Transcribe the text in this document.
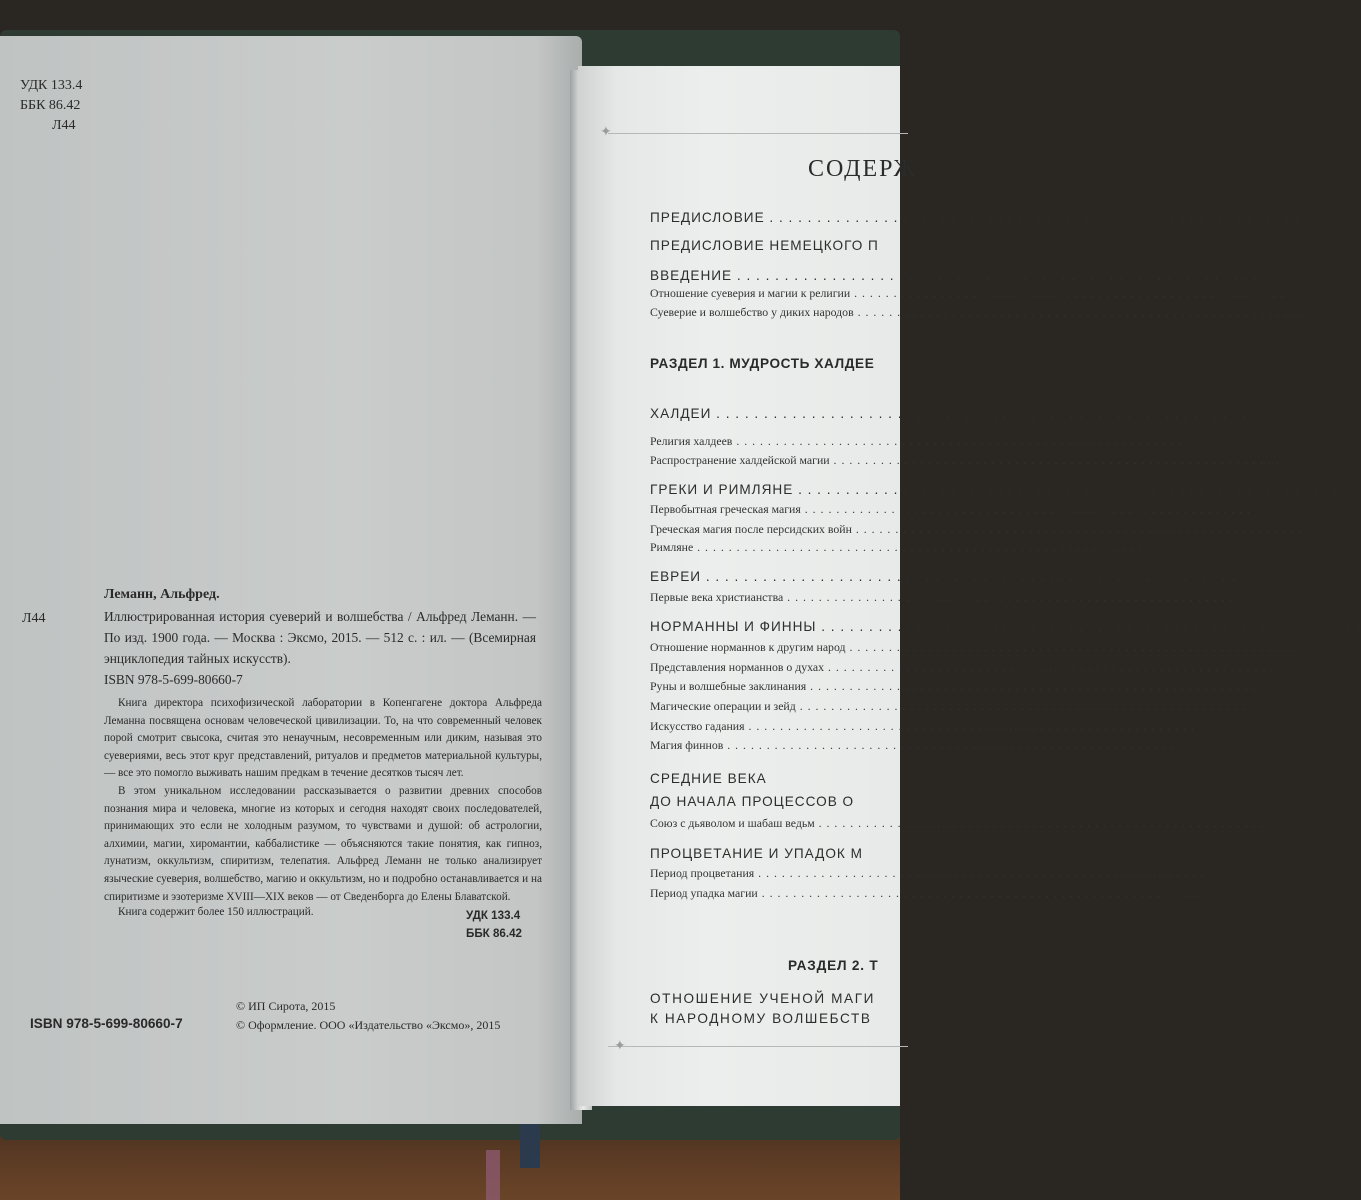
УДК 133.4
ББК 86.42
Л44
Леманн, Альфред.
Л44	Иллюстрированная история суеверий и волшебства / Альфред Леманн. — По изд. 1900 года. — Москва : Эксмо, 2015. — 512 с. : ил. — (Всемирная энциклопедия тайных искусств).
ISBN 978-5-699-80660-7

Книга директора психофизической лаборатории в Копенгагене доктора Альфреда Леманна посвящена основам человеческой цивилизации. То, на что современный человек порой смотрит свысока, считая это ненаучным, несовременным или диким, называя это суевериями, весь этот круг представлений, ритуалов и предметов материальной культуры, — все это помогло выживать нашим предкам в течение десятков тысяч лет.

В этом уникальном исследовании рассказывается о развитии древних способов познания мира и человека, многие из которых и сегодня находят своих последователей, принимающих это если не холодным разумом, то чувствами и душой: об астрологии, алхимии, магии, хиромантии, каббалистике — объясняются такие понятия, как гипноз, лунатизм, оккультизм, спиритизм, телепатия. Альфред Леманн не только анализирует языческие суеверия, волшебство, магию и оккультизм, но и подробно останавливается и на спиритизме и эзотеризме XVIII—XIX веков — от Сведенборга до Елены Блаватской.

Книга содержит более 150 иллюстраций.	УДК 133.4
ББК 86.42
© ИП Сирота, 2015
© Оформление. ООО «Издательство «Эксмо», 2015
ISBN 978-5-699-80660-7
✦
СОДЕРЖ
ПРЕДИСЛОВИЕ . . .
ПРЕДИСЛОВИЕ НЕМЕЦКОГО П
ВВЕДЕНИЕ . . .
Отношение суеверия и магии к религии . . .
Суеверие и волшебство у диких народов . . .
РАЗДЕЛ 1. МУДРОСТЬ ХАЛДЕЕ
ХАЛДЕИ . . .
Религия халдеев . . .
Распространение халдейской магии . . .
ГРЕКИ И РИМЛЯНЕ . . .
Первобытная греческая магия . . .
Греческая магия после персидских войн . . .
Римляне . . .
ЕВРЕИ . . .
Первые века христианства . . .
НОРМАННЫ И ФИННЫ . . .
Отношение норманнов к другим народ . . .
Представления норманнов о духах . . .
Руны и волшебные заклинания . . .
Магические операции и зейд . . .
Искусство гадания . . .
Магия финнов . . .
СРЕДНИЕ ВЕКА
ДО НАЧАЛА ПРОЦЕССОВ О
Союз с дьяволом и шабаш ведьм . . .
ПРОЦВЕТАНИЕ И УПАДОК М
Период процветания . . .
Период упадка магии . . .
РАЗДЕЛ 2. Т
ОТНОШЕНИЕ УЧЕНОЙ МАГИ
К НАРОДНОМУ ВОЛШЕБСТВ
✦
